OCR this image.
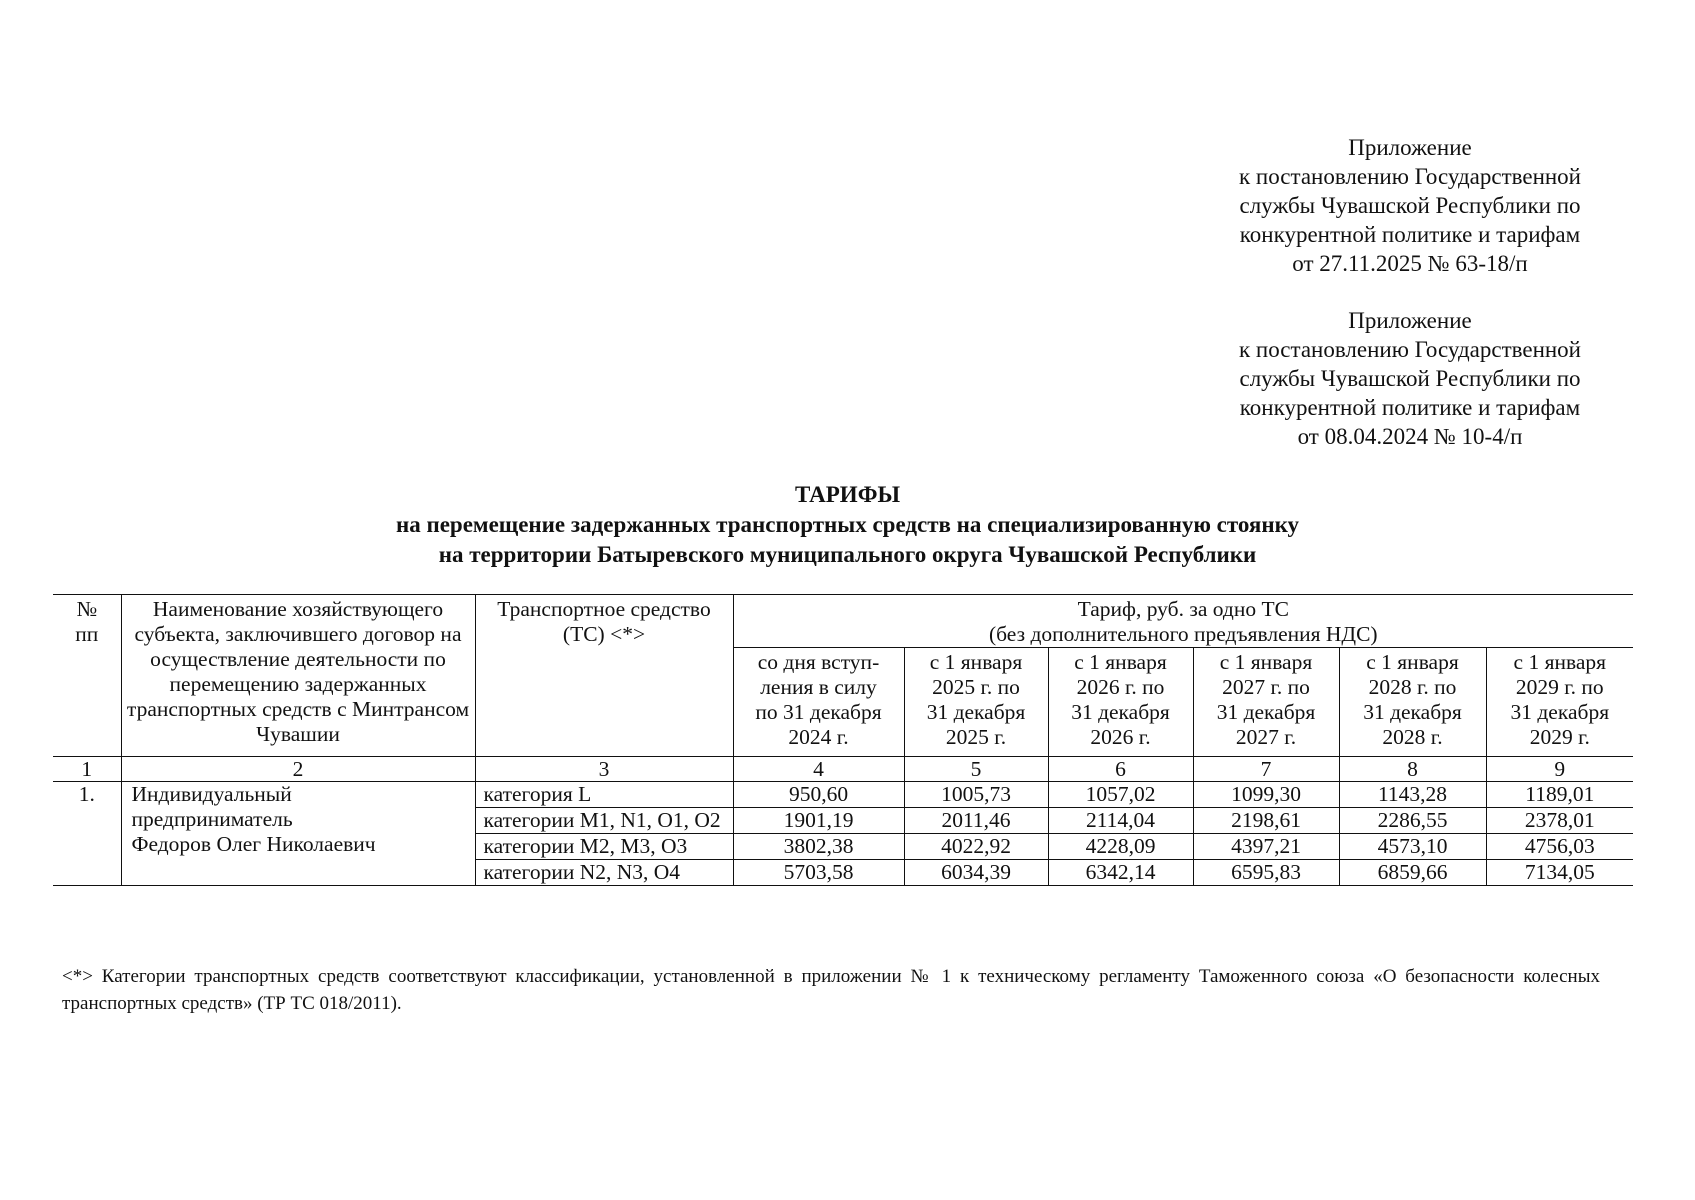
Приложение
к постановлению Государственной
службы Чувашской Республики по
конкурентной политике и тарифам
от 27.11.2025 № 63-18/п
Приложение
к постановлению Государственной
службы Чувашской Республики по
конкурентной политике и тарифам
от 08.04.2024 № 10-4/п
ТАРИФЫ
на перемещение задержанных транспортных средств на специализированную стоянку
на территории Батыревского муниципального округа Чувашской Республики
№
пп	Наименование хозяйствующего субъекта, заключившего договор на осуществление деятельности по перемещению задержанных транспортных средств с Минтрансом Чувашии	Транспортное средство (ТС) <*>	Тариф, руб. за одно ТС
(без дополнительного предъявления НДС)					
			со дня вступ-
ления в силу
по 31 декабря
2024 г.	с 1 января
2025 г. по
31 декабря
2025 г.	с 1 января
2026 г. по
31 декабря
2026 г.	с 1 января
2027 г. по
31 декабря
2027 г.	с 1 января
2028 г. по
31 декабря
2028 г.	с 1 января
2029 г. по
31 декабря
2029 г.
1	2	3	4	5	6	7	8	9
1.	Индивидуальный
предприниматель
Федоров Олег Николаевич	категория L	950,60	1005,73	1057,02	1099,30	1143,28	1189,01
		категории М1, N1, O1, O2	1901,19	2011,46	2114,04	2198,61	2286,55	2378,01
		категории М2, М3, O3	3802,38	4022,92	4228,09	4397,21	4573,10	4756,03
		категории N2, N3, O4	5703,58	6034,39	6342,14	6595,83	6859,66	7134,05
<*> Категории транспортных средств соответствуют классификации, установленной в приложении № 1 к техническому регламенту Таможенного союза «О безопасности колесных транспортных средств» (ТР ТС 018/2011).
